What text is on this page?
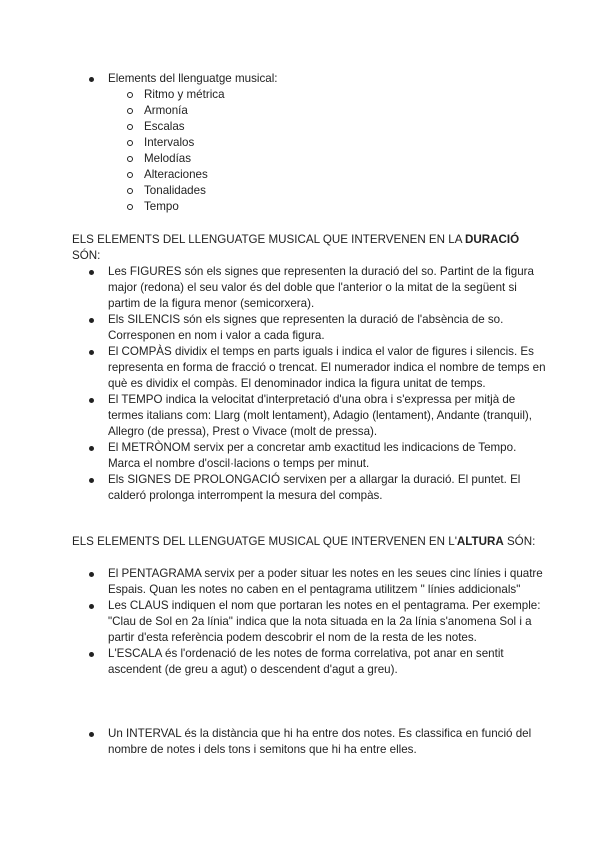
Elements del llenguatge musical:
Ritmo y métrica
Armonía
Escalas
Intervalos
Melodías
Alteraciones
Tonalidades
Tempo
ELS ELEMENTS DEL LLENGUATGE MUSICAL QUE INTERVENEN EN LA DURACIÓ SÓN:
Les FIGURES són els signes que representen la duració del so. Partint de la figura major (redona) el seu valor és del doble que l'anterior o la mitat de la següent si partim de la figura menor (semicorxera).
Els SILENCIS són els signes que representen la duració de l'absència de so. Corresponen en nom i valor a cada figura.
El COMPÀS dividix el temps en parts iguals i indica el valor de figures i silencis. Es representa en forma de fracció o trencat. El numerador indica el nombre de temps en què es dividix el compàs. El denominador indica la figura unitat de temps.
El TEMPO indica la velocitat d'interpretació d'una obra i s'expressa per mitjà de termes italians com: Llarg (molt lentament), Adagio (lentament), Andante (tranquil), Allegro (de pressa), Prest o Vivace (molt de pressa).
El METRÒNOM servix per a concretar amb exactitud les indicacions de Tempo. Marca el nombre d'oscil·lacions o temps per minut.
Els SIGNES DE PROLONGACIÓ servixen per a allargar la duració. El puntet. El calderó prolonga interrompent la mesura del compàs.
ELS ELEMENTS DEL LLENGUATGE MUSICAL QUE INTERVENEN EN L'ALTURA SÓN:
El PENTAGRAMA servix per a poder situar les notes en les seues cinc línies i quatre Espais. Quan les notes no caben en el pentagrama utilitzem " línies addicionals"
Les CLAUS indiquen el nom que portaran les notes en el pentagrama. Per exemple: "Clau de Sol en 2a línia" indica que la nota situada en la 2a línia s'anomena Sol i a partir d'esta referència podem descobrir el nom de la resta de les notes.
L'ESCALA és l'ordenació de les notes de forma correlativa, pot anar en sentit ascendent (de greu a agut) o descendent d'agut a greu).
Un INTERVAL és la distància que hi ha entre dos notes. Es classifica en funció del nombre de notes i dels tons i semitons que hi ha entre elles.
